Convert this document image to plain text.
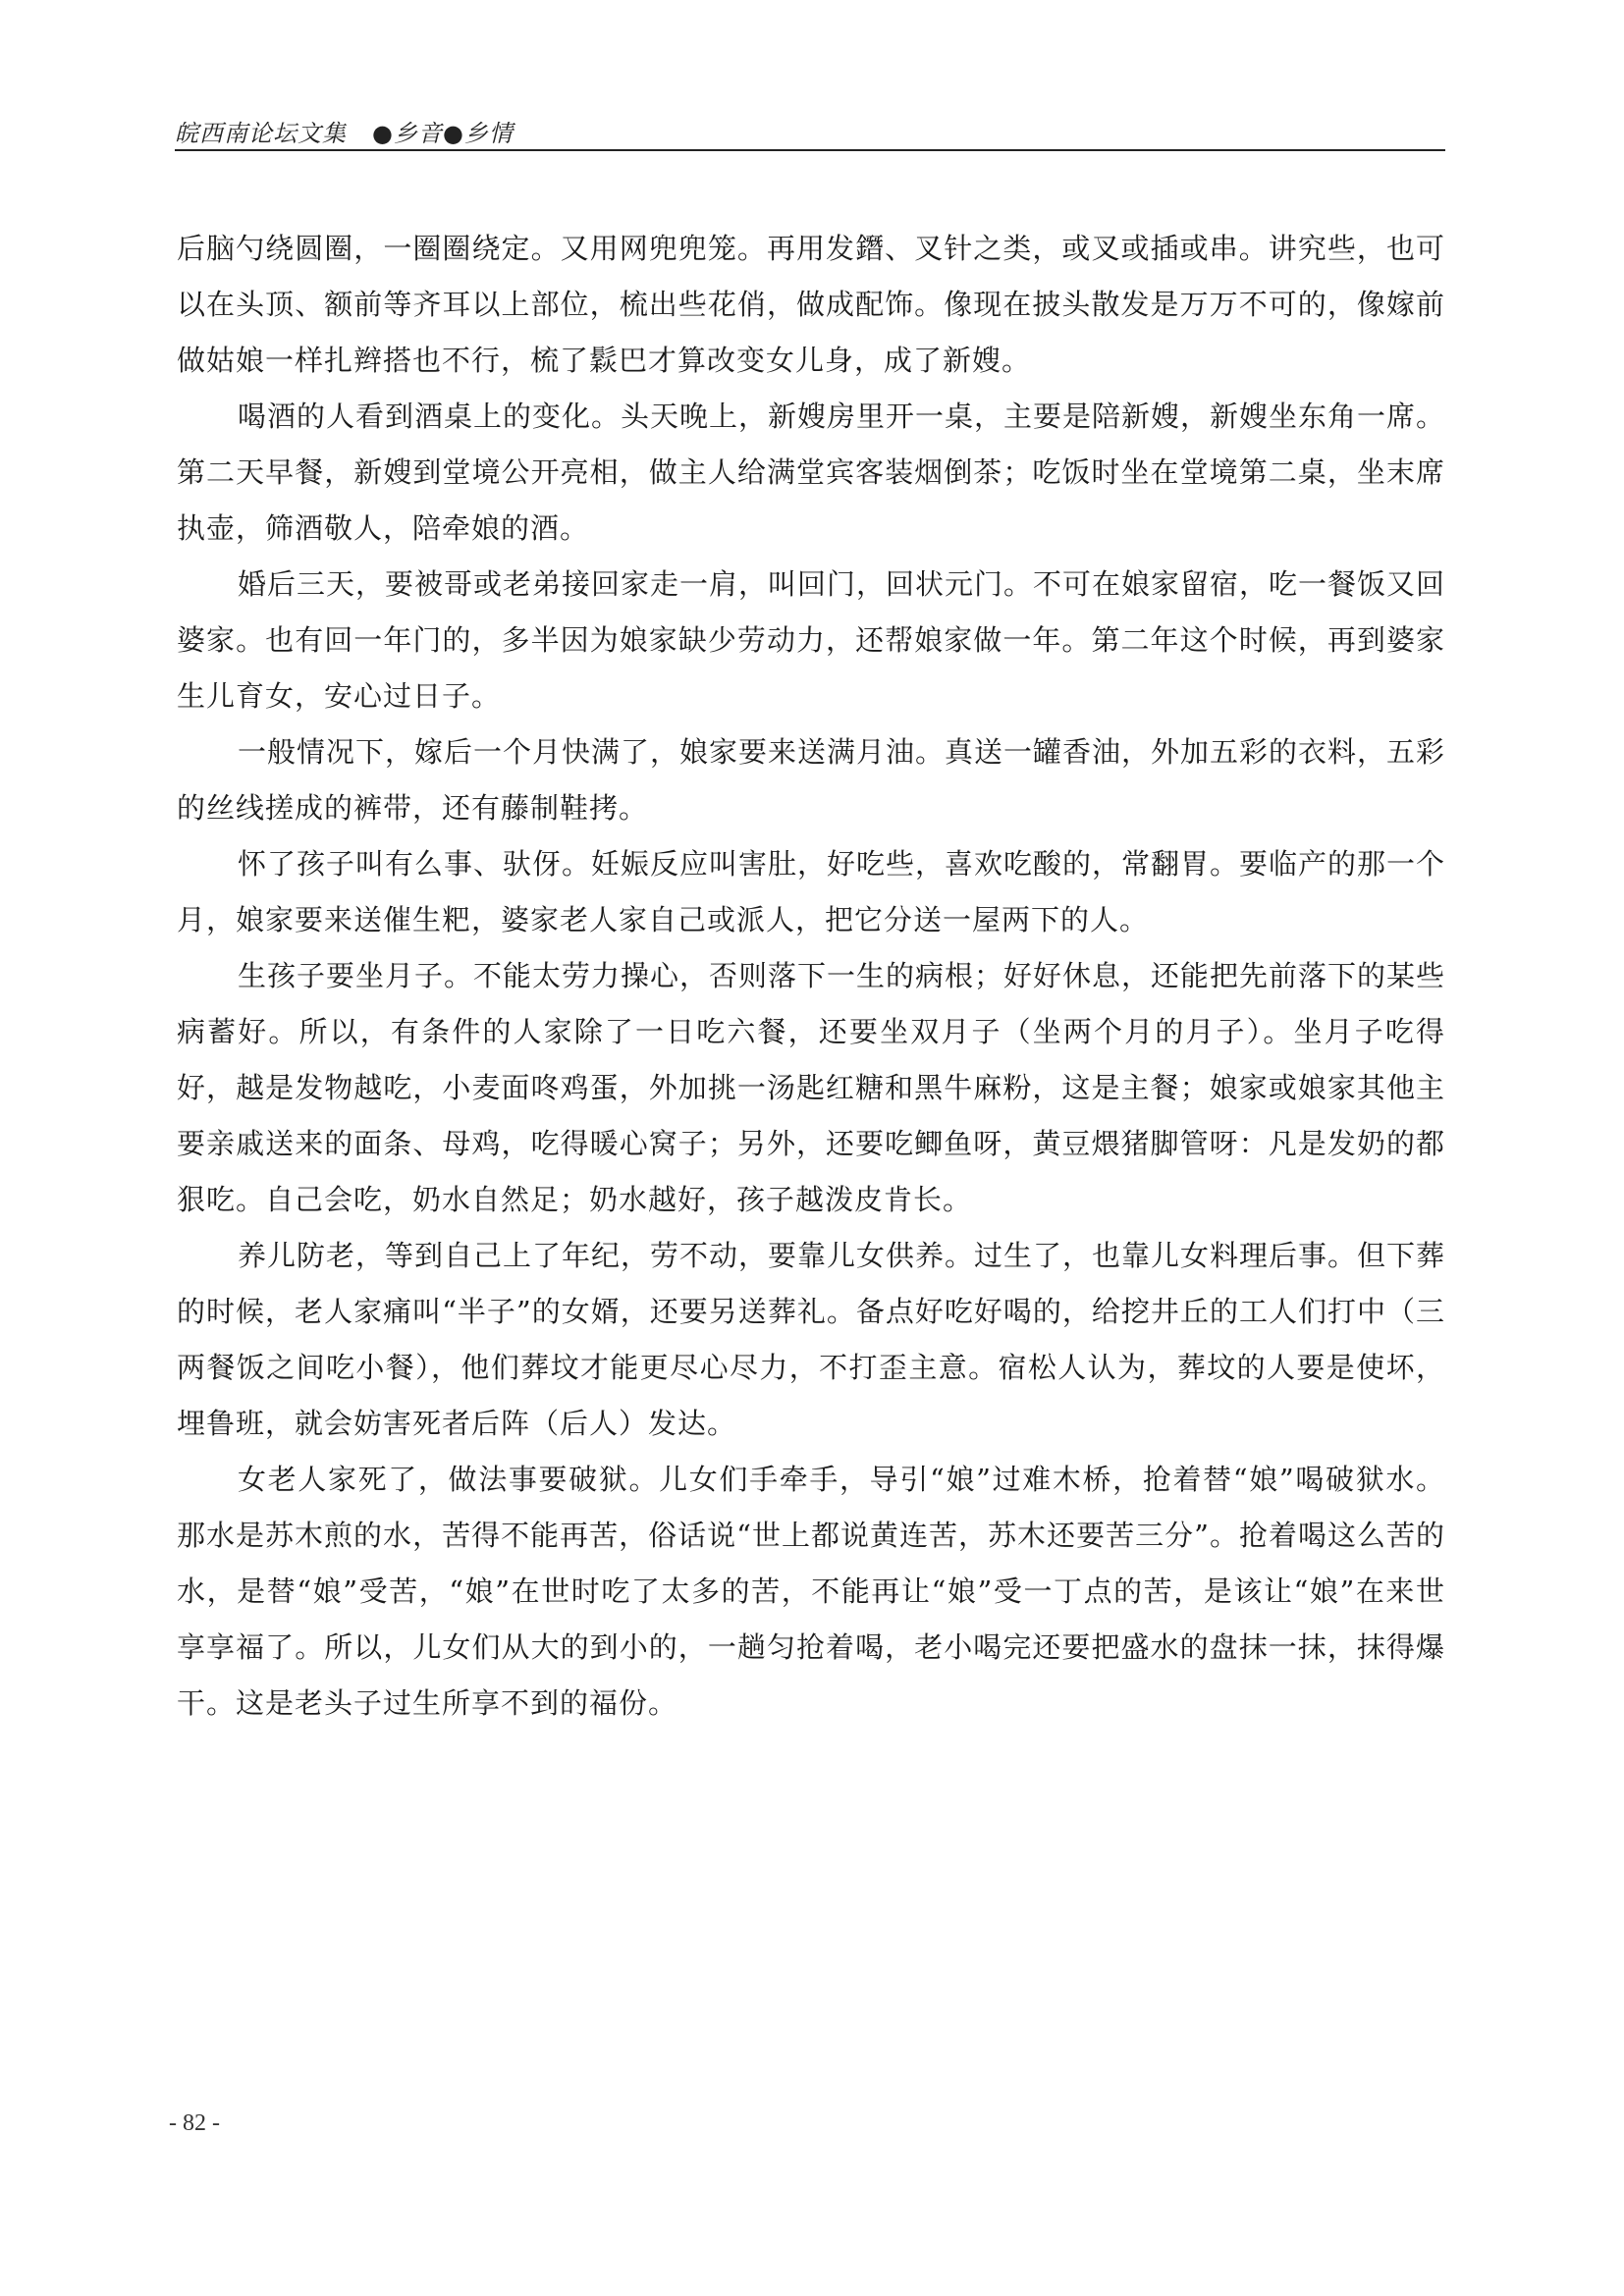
皖西南论坛文集 ●乡音●乡情

后脑勺绕圆圈，一圈圈绕定。又用网兜兜笼。再用发鐕、叉针之类，或叉或插或串。讲究些，也可以在头顶、额前等齐耳以上部位，梳出些花俏，做成配饰。像现在披头散发是万万不可的，像嫁前做姑娘一样扎辫搭也不行，梳了鬏巴才算改变女儿身，成了新嫂。

喝酒的人看到酒桌上的变化。头天晚上，新嫂房里开一桌，主要是陪新嫂，新嫂坐东角一席。第二天早餐，新嫂到堂境公开亮相，做主人给满堂宾客装烟倒茶；吃饭时坐在堂境第二桌，坐末席执壶，筛酒敬人，陪牵娘的酒。

婚后三天，要被哥或老弟接回家走一肩，叫回门，回状元门。不可在娘家留宿，吃一餐饭又回婆家。也有回一年门的，多半因为娘家缺少劳动力，还帮娘家做一年。第二年这个时候，再到婆家生儿育女，安心过日子。

一般情况下，嫁后一个月快满了，娘家要来送满月油。真送一罐香油，外加五彩的衣料，五彩的丝线搓成的裤带，还有藤制鞋拷。

怀了孩子叫有么事、驮伢。妊娠反应叫害肚，好吃些，喜欢吃酸的，常翻胃。要临产的那一个月，娘家要来送催生粑，婆家老人家自己或派人，把它分送一屋两下的人。

生孩子要坐月子。不能太劳力操心，否则落下一生的病根；好好休息，还能把先前落下的某些病蓄好。所以，有条件的人家除了一日吃六餐，还要坐双月子（坐两个月的月子）。坐月子吃得好，越是发物越吃，小麦面咚鸡蛋，外加挑一汤匙红糖和黑牛麻粉，这是主餐；娘家或娘家其他主要亲戚送来的面条、母鸡，吃得暖心窝子；另外，还要吃鲫鱼呀，黄豆煨猪脚管呀：凡是发奶的都狠吃。自己会吃，奶水自然足；奶水越好，孩子越泼皮肯长。

养儿防老，等到自己上了年纪，劳不动，要靠儿女供养。过生了，也靠儿女料理后事。但下葬的时候，老人家痛叫“半子”的女婿，还要另送葬礼。备点好吃好喝的，给挖井丘的工人们打中（三两餐饭之间吃小餐），他们葬坟才能更尽心尽力，不打歪主意。宿松人认为，葬坟的人要是使坏，埋鲁班，就会妨害死者后阵（后人）发达。

女老人家死了，做法事要破狱。儿女们手牵手，导引“娘”过难木桥，抢着替“娘”喝破狱水。那水是苏木煎的水，苦得不能再苦，俗话说“世上都说黄连苦，苏木还要苦三分”。抢着喝这么苦的水，是替“娘”受苦，“娘”在世时吃了太多的苦，不能再让“娘”受一丁点的苦，是该让“娘”在来世享享福了。所以，儿女们从大的到小的，一趟匀抢着喝，老小喝完还要把盛水的盘抹一抹，抹得爆干。这是老头子过生所享不到的福份。

- 82 -
